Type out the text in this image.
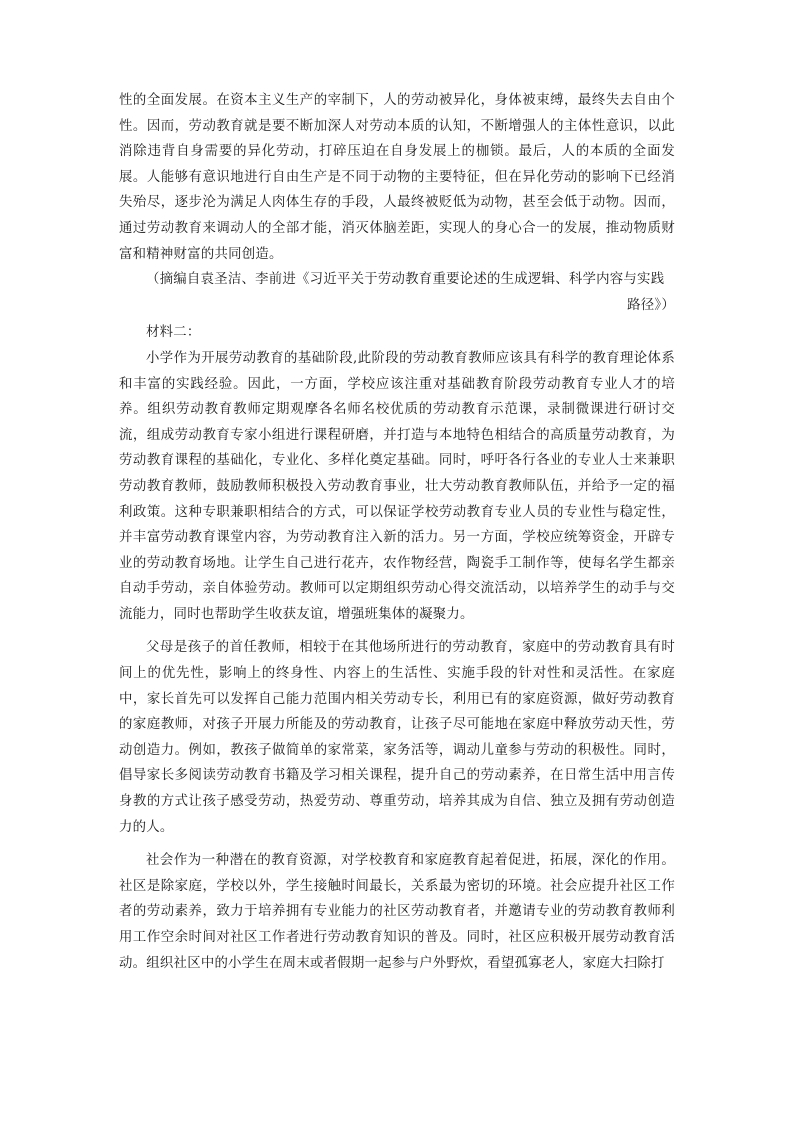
性的全面发展。在资本主义生产的宰制下，人的劳动被异化，身体被束缚，最终失去自由个性。因而，劳动教育就是要不断加深人对劳动本质的认知，不断增强人的主体性意识，以此消除违背自身需要的异化劳动，打碎压迫在自身发展上的枷锁。最后，人的本质的全面发展。人能够有意识地进行自由生产是不同于动物的主要特征，但在异化劳动的影响下已经消失殆尽，逐步沦为满足人肉体生存的手段，人最终被贬低为动物，甚至会低于动物。因而，通过劳动教育来调动人的全部才能，消灭体脑差距，实现人的身心合一的发展，推动物质财富和精神财富的共同创造。

（摘编自袁圣洁、李前进《习近平关于劳动教育重要论述的生成逻辑、科学内容与实践

路径》）

材料二：

小学作为开展劳动教育的基础阶段,此阶段的劳动教育教师应该具有科学的教育理论体系和丰富的实践经验。因此，一方面，学校应该注重对基础教育阶段劳动教育专业人才的培养。组织劳动教育教师定期观摩各名师名校优质的劳动教育示范课，录制微课进行研讨交流，组成劳动教育专家小组进行课程研磨，并打造与本地特色相结合的高质量劳动教育，为劳动教育课程的基础化，专业化、多样化奠定基础。同时，呼吁各行各业的专业人士来兼职劳动教育教师，鼓励教师积极投入劳动教育事业，壮大劳动教育教师队伍，并给予一定的福利政策。这种专职兼职相结合的方式，可以保证学校劳动教育专业人员的专业性与稳定性，并丰富劳动教育课堂内容，为劳动教育注入新的活力。另一方面，学校应统筹资金，开辟专业的劳动教育场地。让学生自己进行花卉，农作物经营，陶瓷手工制作等，使每名学生都亲自动手劳动，亲自体验劳动。教师可以定期组织劳动心得交流活动，以培养学生的动手与交流能力，同时也帮助学生收获友谊，增强班集体的凝聚力。

父母是孩子的首任教师，相较于在其他场所进行的劳动教育，家庭中的劳动教育具有时间上的优先性，影响上的终身性、内容上的生活性、实施手段的针对性和灵活性。在家庭中，家长首先可以发挥自己能力范围内相关劳动专长，利用已有的家庭资源，做好劳动教育的家庭教师，对孩子开展力所能及的劳动教育，让孩子尽可能地在家庭中释放劳动天性，劳动创造力。例如，教孩子做简单的家常菜，家务活等，调动儿童参与劳动的积极性。同时，倡导家长多阅读劳动教育书籍及学习相关课程，提升自己的劳动素养，在日常生活中用言传身教的方式让孩子感受劳动，热爱劳动、尊重劳动，培养其成为自信、独立及拥有劳动创造力的人。

社会作为一种潜在的教育资源，对学校教育和家庭教育起着促进，拓展，深化的作用。社区是除家庭，学校以外，学生接触时间最长，关系最为密切的环境。社会应提升社区工作者的劳动素养，致力于培养拥有专业能力的社区劳动教育者，并邀请专业的劳动教育教师利用工作空余时间对社区工作者进行劳动教育知识的普及。同时，社区应积极开展劳动教育活动。组织社区中的小学生在周末或者假期一起参与户外野炊，看望孤寡老人，家庭大扫除打
